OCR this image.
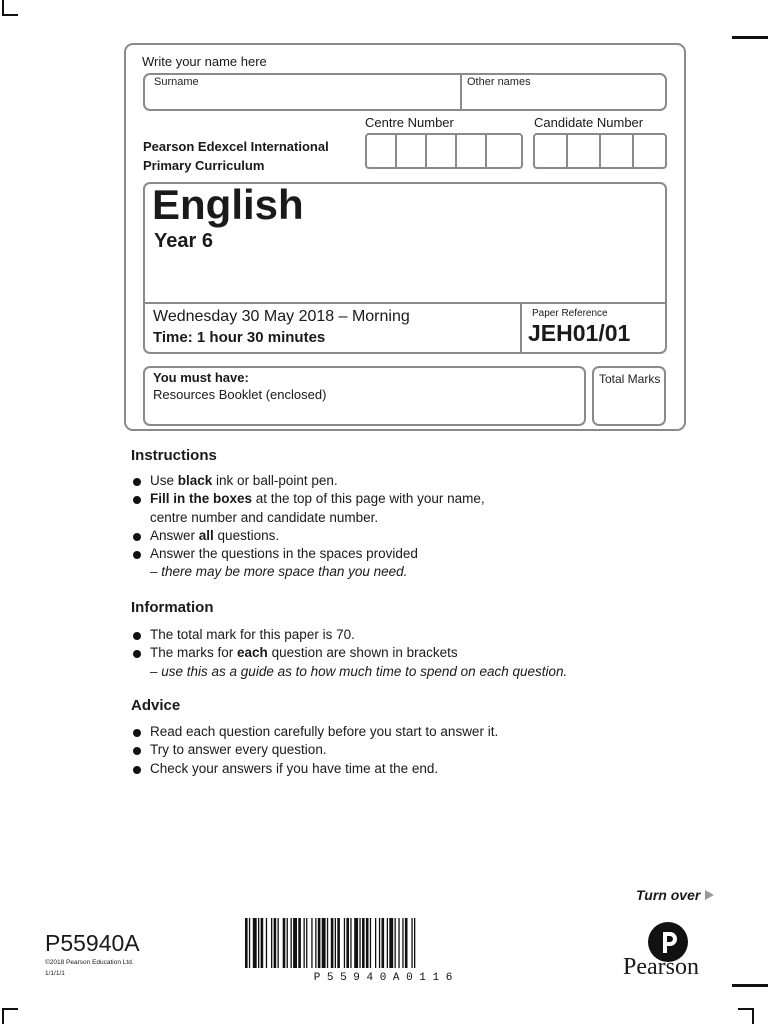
Write your name here
Surname	Other names
Pearson Edexcel International
Primary Curriculum
Centre Number	Candidate Number
English
Year 6
Wednesday 30 May 2018 – Morning
Time: 1 hour 30 minutes
Paper Reference
JEH01/01
You must have:
Resources Booklet (enclosed)
Total Marks
Instructions
Use black ink or ball-point pen.
Fill in the boxes at the top of this page with your name,
centre number and candidate number.
Answer all questions.
Answer the questions in the spaces provided
– there may be more space than you need.
Information
The total mark for this paper is 70.
The marks for each question are shown in brackets
– use this as a guide as to how much time to spend on each question.
Advice
Read each question carefully before you start to answer it.
Try to answer every question.
Check your answers if you have time at the end.
Turn over
P55940A
©2018 Pearson Education Ltd.
1/1/1/1	P 5 5 9 4 0 A 0 1 1 6	Pearson
